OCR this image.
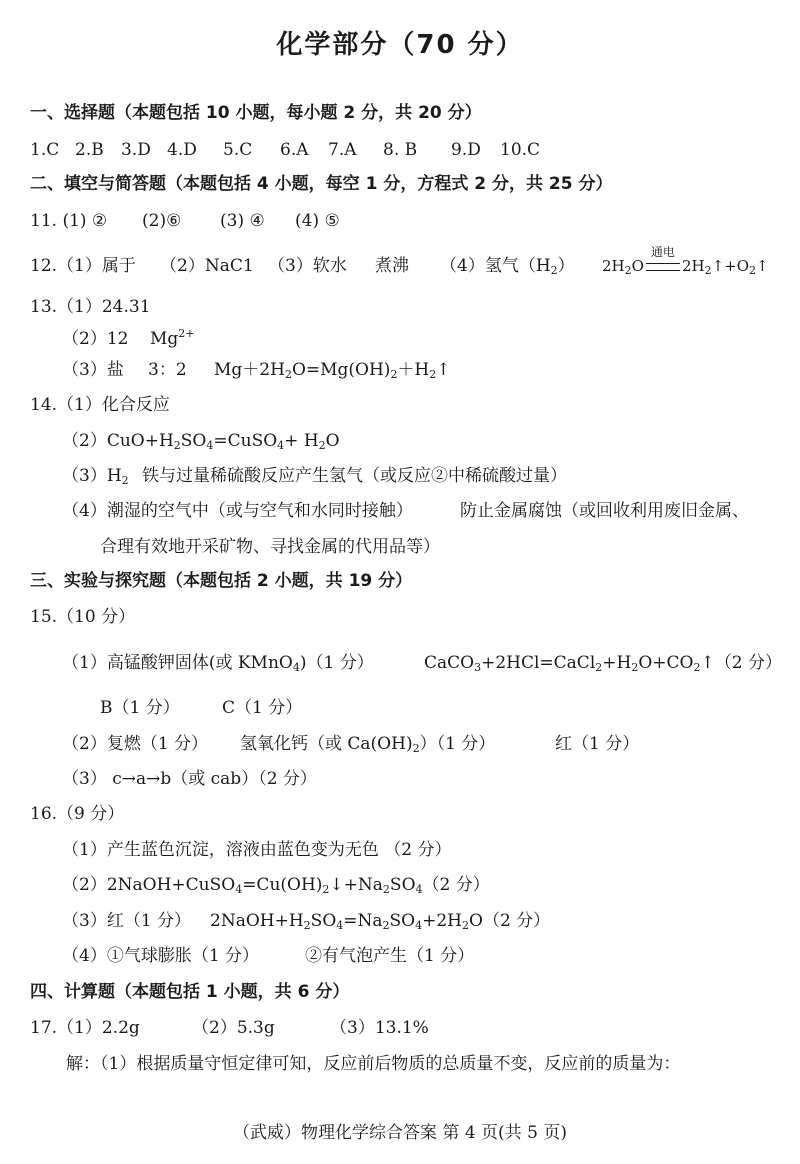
化学部分（70 分）
一、选择题（本题包括 10 小题，每小题 2 分，共 20 分）
1.C 2.B 3.D 4.D 5.C 6.A 7.A 8. B 9.D 10.C
二、填空与简答题（本题包括 4 小题，每空 1 分，方程式 2 分，共 25 分）
11. (1) ② (2)⑥ (3) ④ (4) ⑤
12.（1）属于 （2）NaC1 （3）软水 煮沸 （4）氢气$(H_2)$ $2H_2O$
通电
$2H_2↑+O_2↑$
13.（1）24.31
（2）12 $Mg^{2+}$
（3）盐 3：2 $Mg+2H_2O=Mg(OH)_2+H_2↑$
14.（1）化合反应
$(2)CuO+H_2SO_4=CuSO_4+ H_2O$
$(3)H_2$ 铁与过量稀硫酸反应产生氢气（或反应②中稀硫酸过量）
（4）潮湿的空气中（或与空气和水同时接触）	防止金属腐蚀（或回收利用废旧金属、
合理有效地开采矿物、寻找金属的代用品等）
三、实验与探究题（本题包括 2 小题，共 19 分）
15.（10 分）
（1）高锰酸钾固体(或 KMnO$_4$)（1 分）	$CaCO_3+2HCl=CaCl_2+H_2O+CO_2↑(2$ 分）
B（1 分） C（1 分）
（2）复燃（1 分） 氢氧化钙（或 $Ca(OH)_2)(1$ 分）	红（1 分）
（3） c→a→b（或 cab）（2 分）
16.（9 分）
（1）产生蓝色沉淀，溶液由蓝色变为无色 （2 分）
$(2)2NaOH+CuSO_4=Cu(OH)_2↓+Na_2SO_4(2$ 分）
（3）红（1 分） $2NaOH+H_2SO_4=Na_2SO_4+2H_2O(2$ 分）
（4）①气球膨胀（1 分）	②有气泡产生（1 分）
四、计算题（本题包括 1 小题，共 6 分）
17.（1）2.2g	（2）5.3g	（3）13.1%
解：（1）根据质量守恒定律可知，反应前后物质的总质量不变，反应前的质量为：
（武威）物理化学综合答案 第 4 页(共 5 页)
